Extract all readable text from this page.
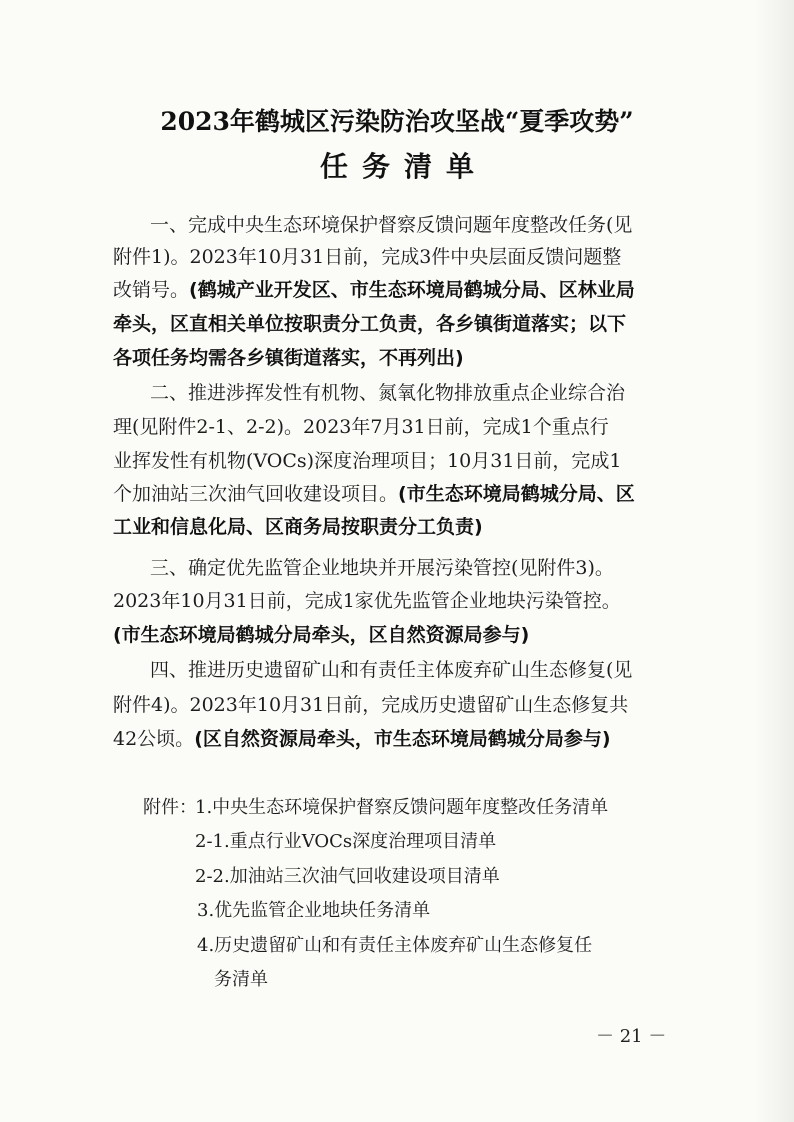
2023年鹤城区污染防治攻坚战“夏季攻势”
任务清单
一、完成中央生态环境保护督察反馈问题年度整改任务(见
附件1)。2023年10月31日前，完成3件中央层面反馈问题整
改销号。(鹤城产业开发区、市生态环境局鹤城分局、区林业局
牵头，区直相关单位按职责分工负责，各乡镇街道落实；以下
各项任务均需各乡镇街道落实，不再列出)
二、推进涉挥发性有机物、氮氧化物排放重点企业综合治
理(见附件2-1、2-2)。2023年7月31日前，完成1个重点行
业挥发性有机物(VOCs)深度治理项目；10月31日前，完成1
个加油站三次油气回收建设项目。(市生态环境局鹤城分局、区
工业和信息化局、区商务局按职责分工负责)
三、确定优先监管企业地块并开展污染管控(见附件3)。
2023年10月31日前，完成1家优先监管企业地块污染管控。
(市生态环境局鹤城分局牵头，区自然资源局参与)
四、推进历史遗留矿山和有责任主体废弃矿山生态修复(见
附件4)。2023年10月31日前，完成历史遗留矿山生态修复共
42公顷。(区自然资源局牵头，市生态环境局鹤城分局参与)
附件：
1.中央生态环境保护督察反馈问题年度整改任务清单
2-1.重点行业VOCs深度治理项目清单
2-2.加油站三次油气回收建设项目清单
3.优先监管企业地块任务清单
4.历史遗留矿山和有责任主体废弃矿山生态修复任
务清单
－ 21 －
